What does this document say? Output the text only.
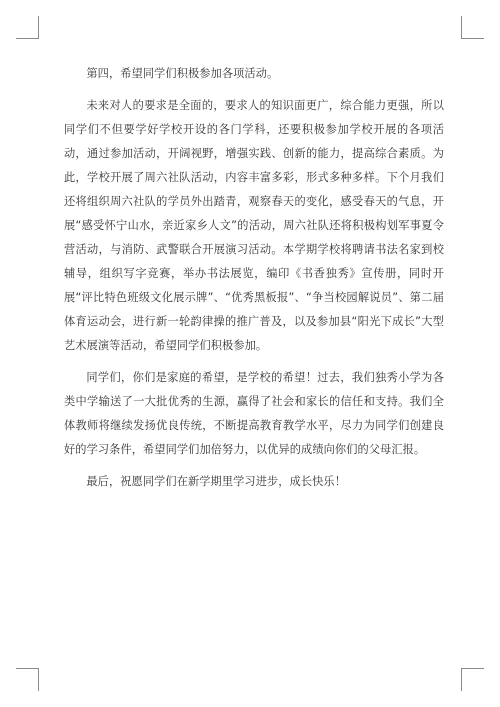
第四，希望同学们积极参加各项活动。

未来对人的要求是全面的，要求人的知识面更广，综合能力更强，所以同学们不但要学好学校开设的各门学科，还要积极参加学校开展的各项活动，通过参加活动，开阔视野，增强实践、创新的能力，提高综合素质。为此，学校开展了周六社队活动，内容丰富多彩，形式多种多样。下个月我们还将组织周六社队的学员外出踏青，观察春天的变化，感受春天的气息，开展“感受怀宁山水，亲近家乡人文”的活动，周六社队还将积极构划军事夏令营活动，与消防、武警联合开展演习活动。本学期学校将聘请书法名家到校辅导，组织写字竞赛，举办书法展览，编印《书香独秀》宣传册，同时开展“评比特色班级文化展示牌”、“优秀黑板报”、“争当校园解说员”、第二届体育运动会，进行新一轮韵律操的推广普及，以及参加县“阳光下成长”大型艺术展演等活动，希望同学们积极参加。

同学们，你们是家庭的希望，是学校的希望！过去，我们独秀小学为各类中学输送了一大批优秀的生源，赢得了社会和家长的信任和支持。我们全体教师将继续发扬优良传统，不断提高教育教学水平，尽力为同学们创建良好的学习条件，希望同学们加倍努力，以优异的成绩向你们的父母汇报。

最后，祝愿同学们在新学期里学习进步，成长快乐！
